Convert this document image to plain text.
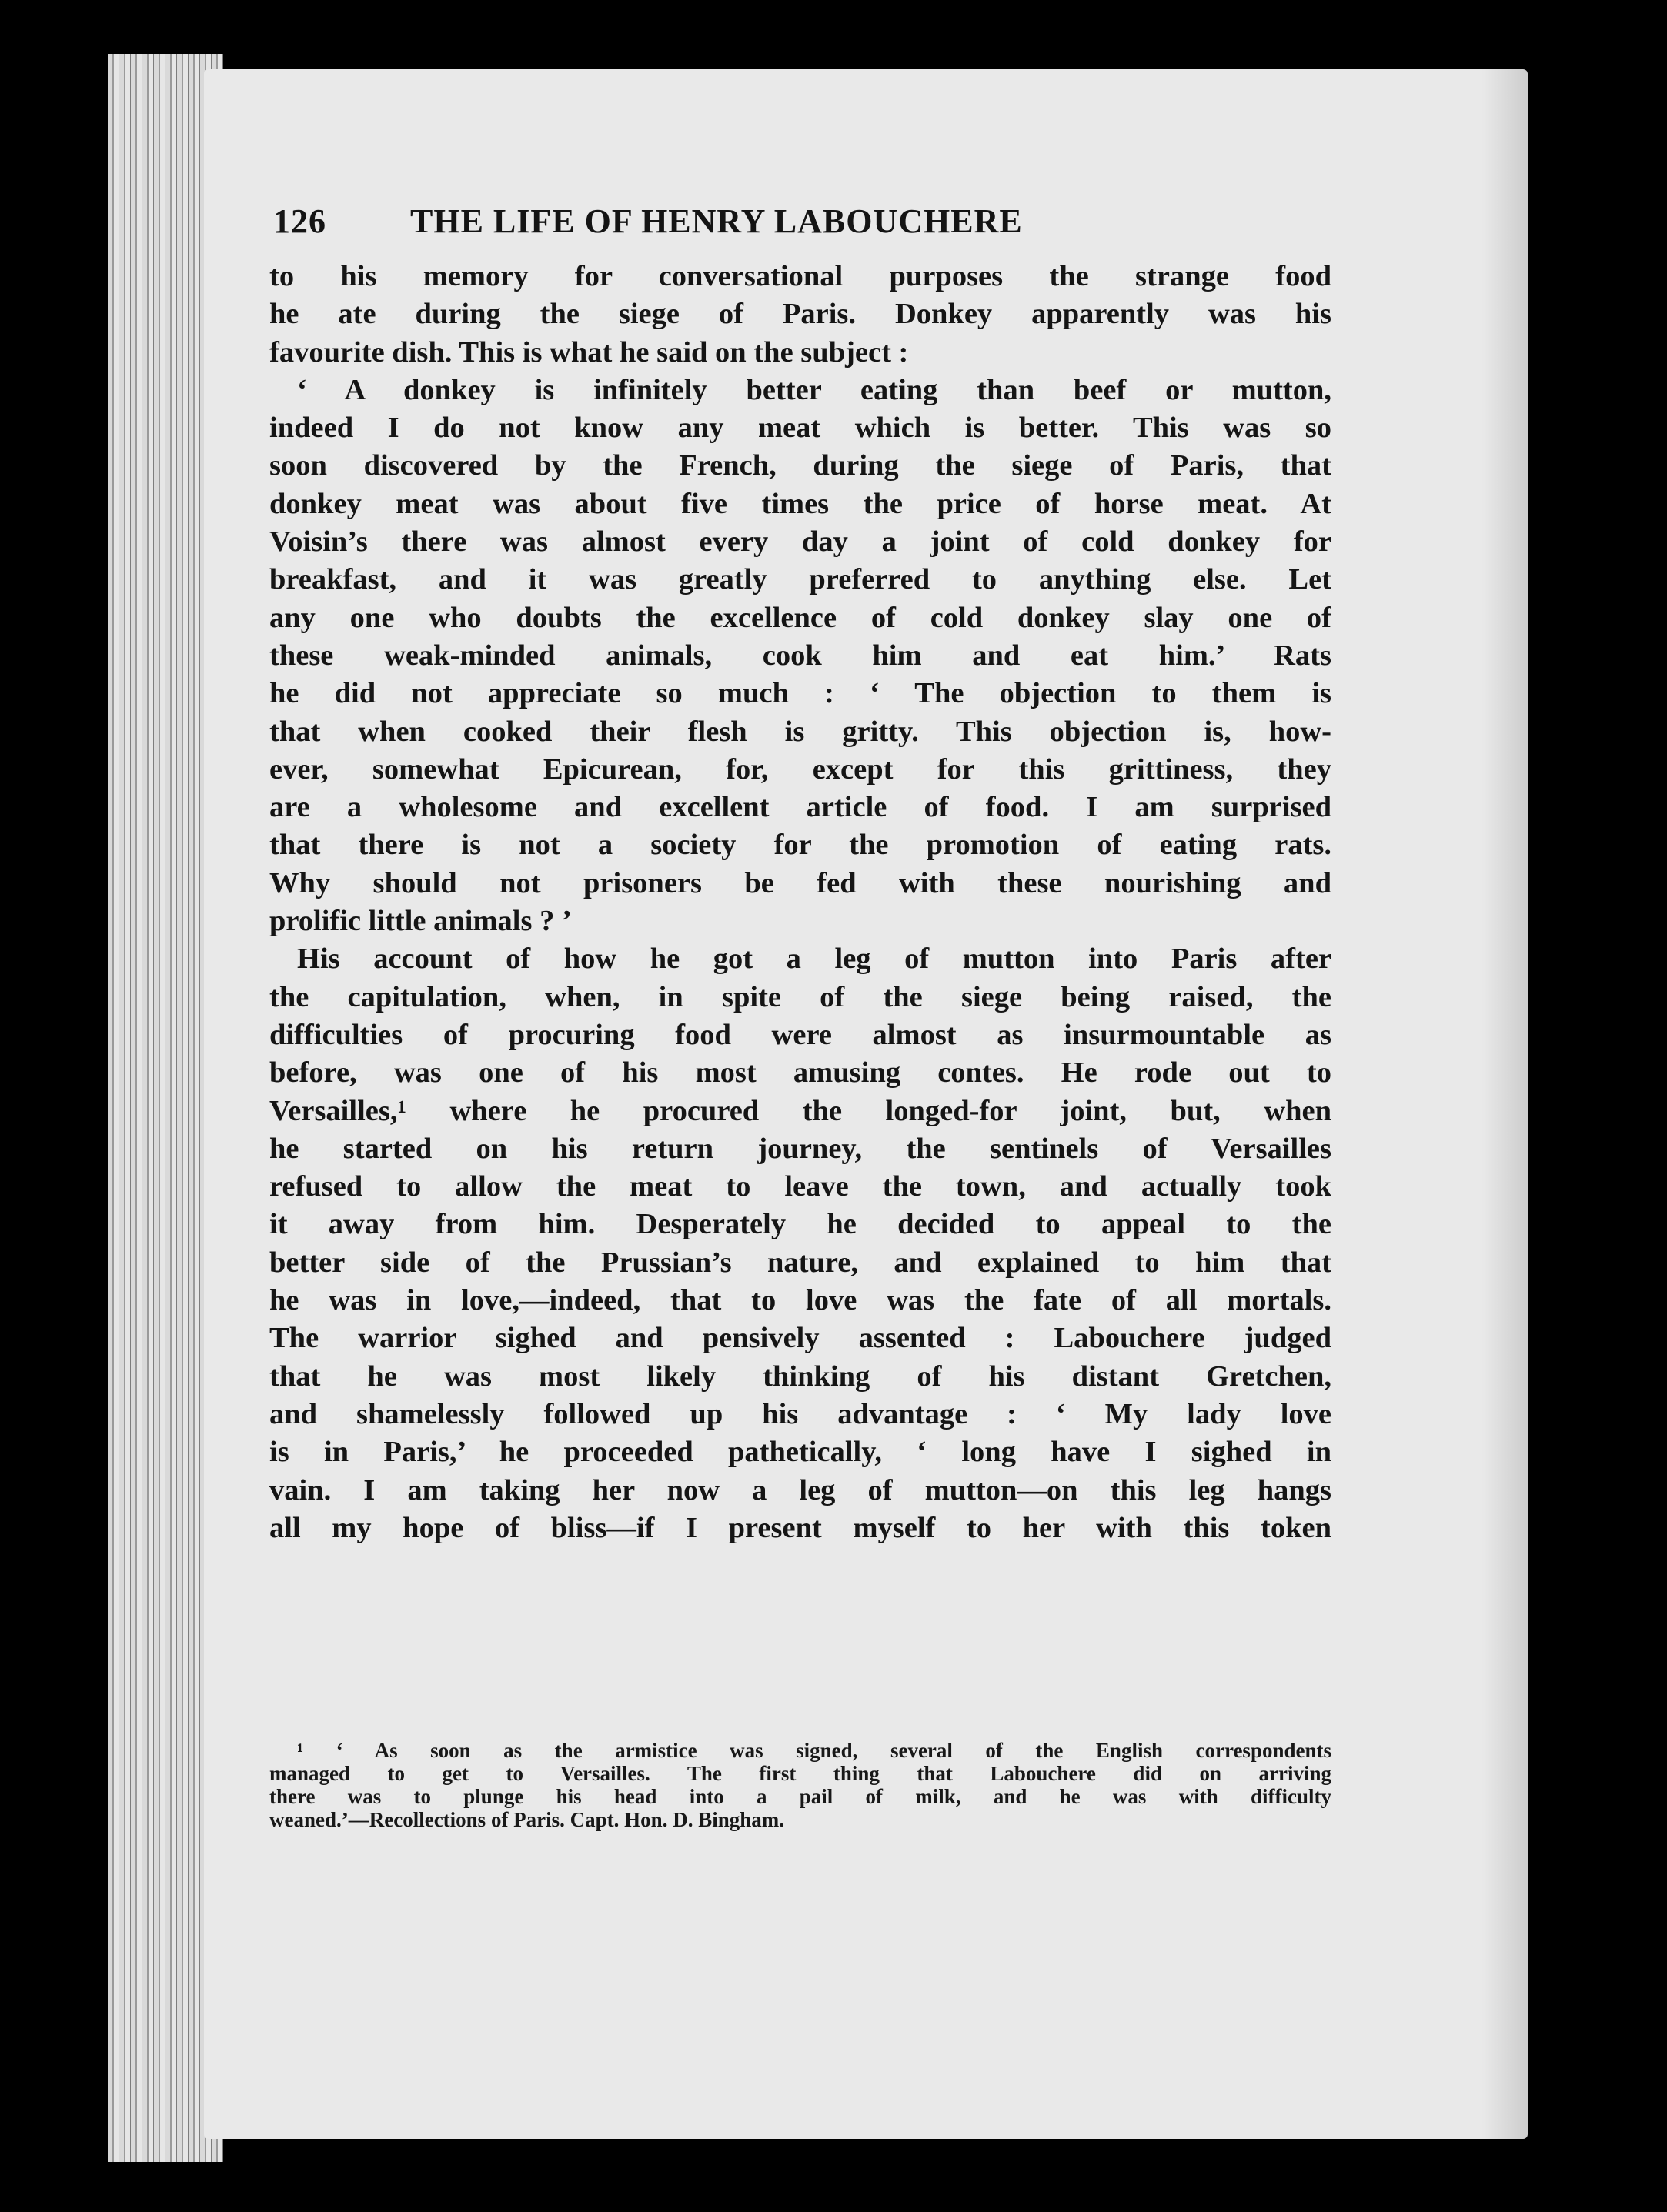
126 THE LIFE OF HENRY LABOUCHERE
to his memory for conversational purposes the strange food
he ate during the siege of Paris. Donkey apparently was his
favourite dish. This is what he said on the subject :
‘ A donkey is infinitely better eating than beef or mutton,
indeed I do not know any meat which is better. This was so
soon discovered by the French, during the siege of Paris, that
donkey meat was about five times the price of horse meat. At
Voisin’s there was almost every day a joint of cold donkey for
breakfast, and it was greatly preferred to anything else. Let
any one who doubts the excellence of cold donkey slay one of
these weak-minded animals, cook him and eat him.’ Rats
he did not appreciate so much : ‘ The objection to them is
that when cooked their flesh is gritty. This objection is, how-
ever, somewhat Epicurean, for, except for this grittiness, they
are a wholesome and excellent article of food. I am surprised
that there is not a society for the promotion of eating rats.
Why should not prisoners be fed with these nourishing and
prolific little animals ? ’
His account of how he got a leg of mutton into Paris after
the capitulation, when, in spite of the siege being raised, the
difficulties of procuring food were almost as insurmountable as
before, was one of his most amusing contes. He rode out to
Versailles,¹ where he procured the longed-for joint, but, when
he started on his return journey, the sentinels of Versailles
refused to allow the meat to leave the town, and actually took
it away from him. Desperately he decided to appeal to the
better side of the Prussian’s nature, and explained to him that
he was in love,—indeed, that to love was the fate of all mortals.
The warrior sighed and pensively assented : Labouchere judged
that he was most likely thinking of his distant Gretchen,
and shamelessly followed up his advantage : ‘ My lady love
is in Paris,’ he proceeded pathetically, ‘ long have I sighed in
vain. I am taking her now a leg of mutton—on this leg hangs
all my hope of bliss—if I present myself to her with this token
¹ ‘ As soon as the armistice was signed, several of the English correspondents
managed to get to Versailles. The first thing that Labouchere did on arriving
there was to plunge his head into a pail of milk, and he was with difficulty
weaned.’—Recollections of Paris. Capt. Hon. D. Bingham.
